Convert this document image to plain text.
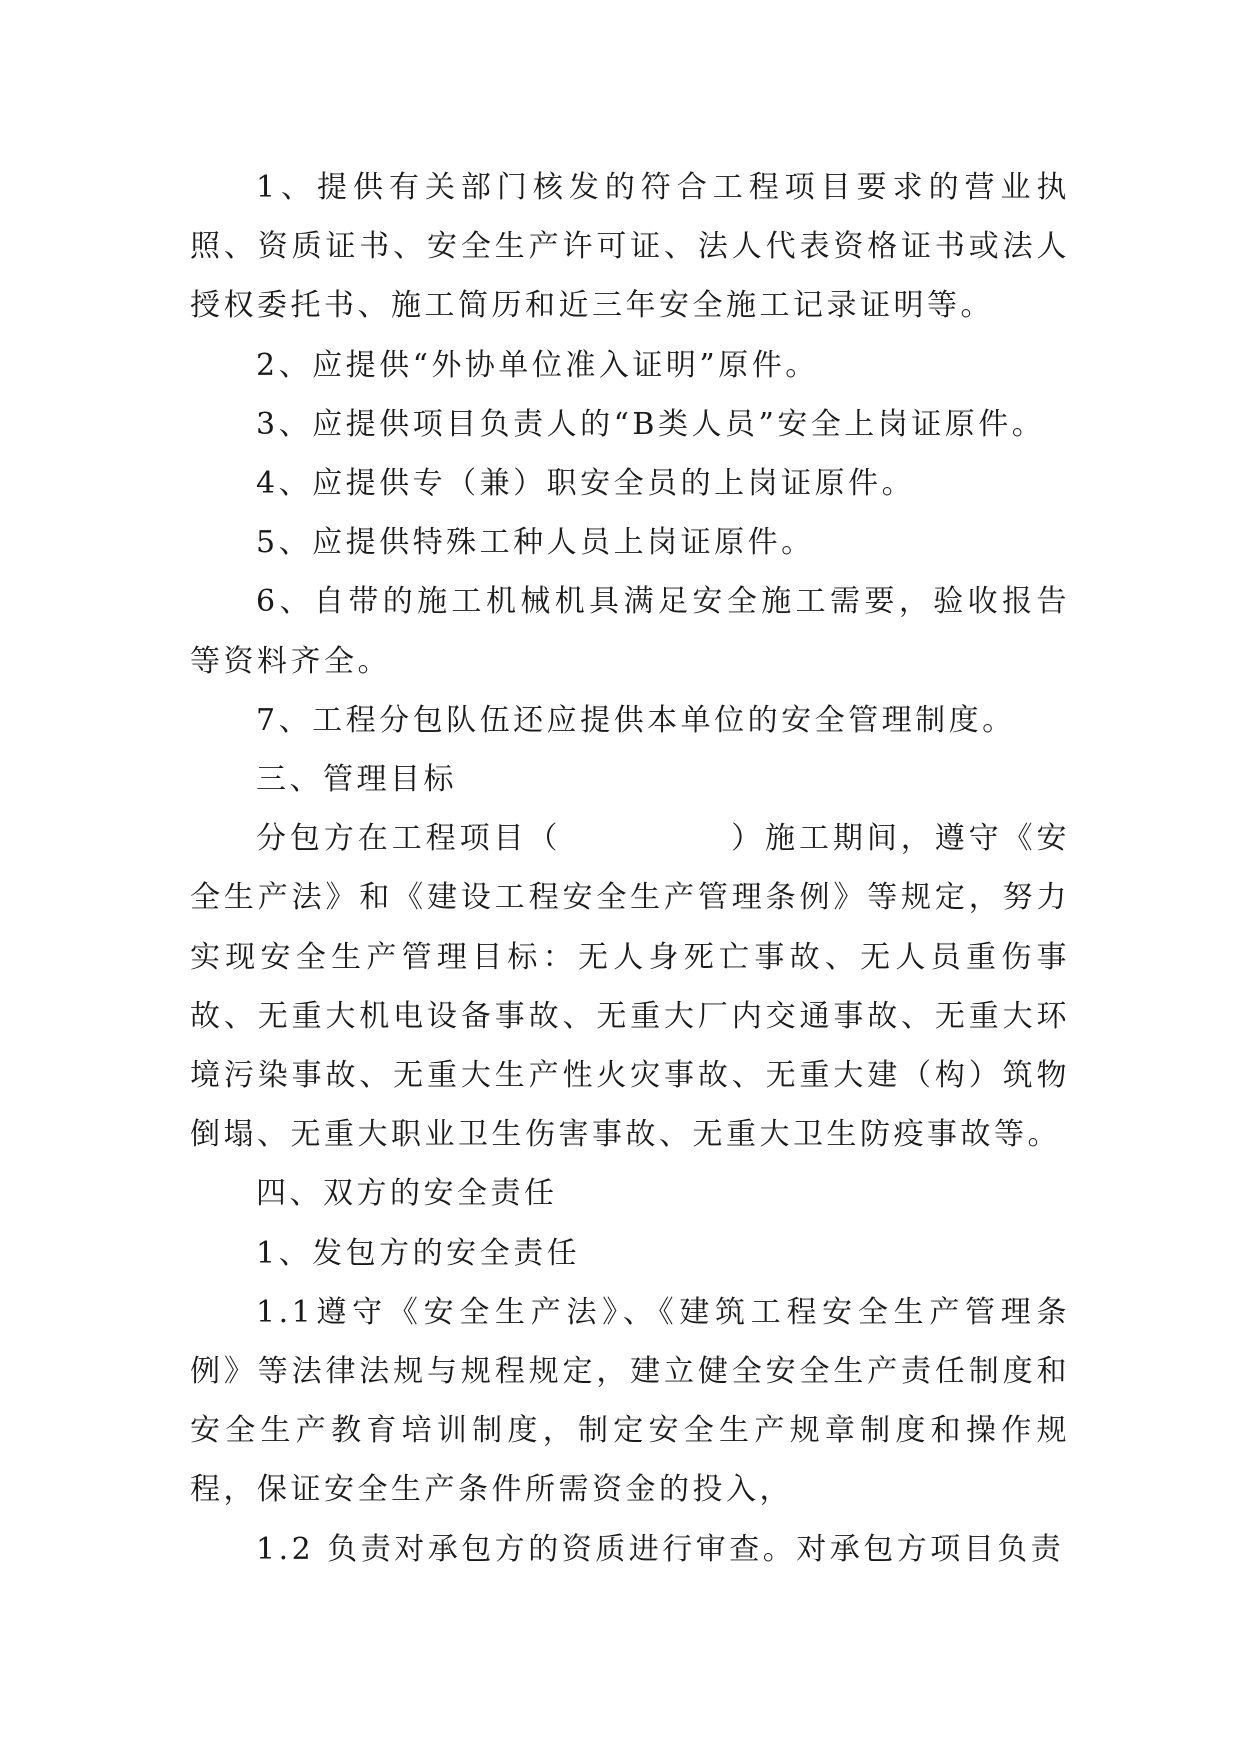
1、提供有关部门核发的符合工程项目要求的营业执照、资质证书、安全生产许可证、法人代表资格证书或法人授权委托书、施工简历和近三年安全施工记录证明等。

2、应提供“外协单位准入证明”原件。

3、应提供项目负责人的“B类人员”安全上岗证原件。

4、应提供专（兼）职安全员的上岗证原件。

5、应提供特殊工种人员上岗证原件。

6、自带的施工机械机具满足安全施工需要，验收报告等资料齐全。

7、工程分包队伍还应提供本单位的安全管理制度。

三、管理目标

分包方在工程项目（　　　　　）施工期间，遵守《安全生产法》和《建设工程安全生产管理条例》等规定，努力实现安全生产管理目标：无人身死亡事故、无人员重伤事故、无重大机电设备事故、无重大厂内交通事故、无重大环境污染事故、无重大生产性火灾事故、无重大建（构）筑物倒塌、无重大职业卫生伤害事故、无重大卫生防疫事故等。

四、双方的安全责任

1、发包方的安全责任

1.1遵守《安全生产法》、《建筑工程安全生产管理条例》等法律法规与规程规定，建立健全安全生产责任制度和安全生产教育培训制度，制定安全生产规章制度和操作规程，保证安全生产条件所需资金的投入，

1.2 负责对承包方的资质进行审查。对承包方项目负责
